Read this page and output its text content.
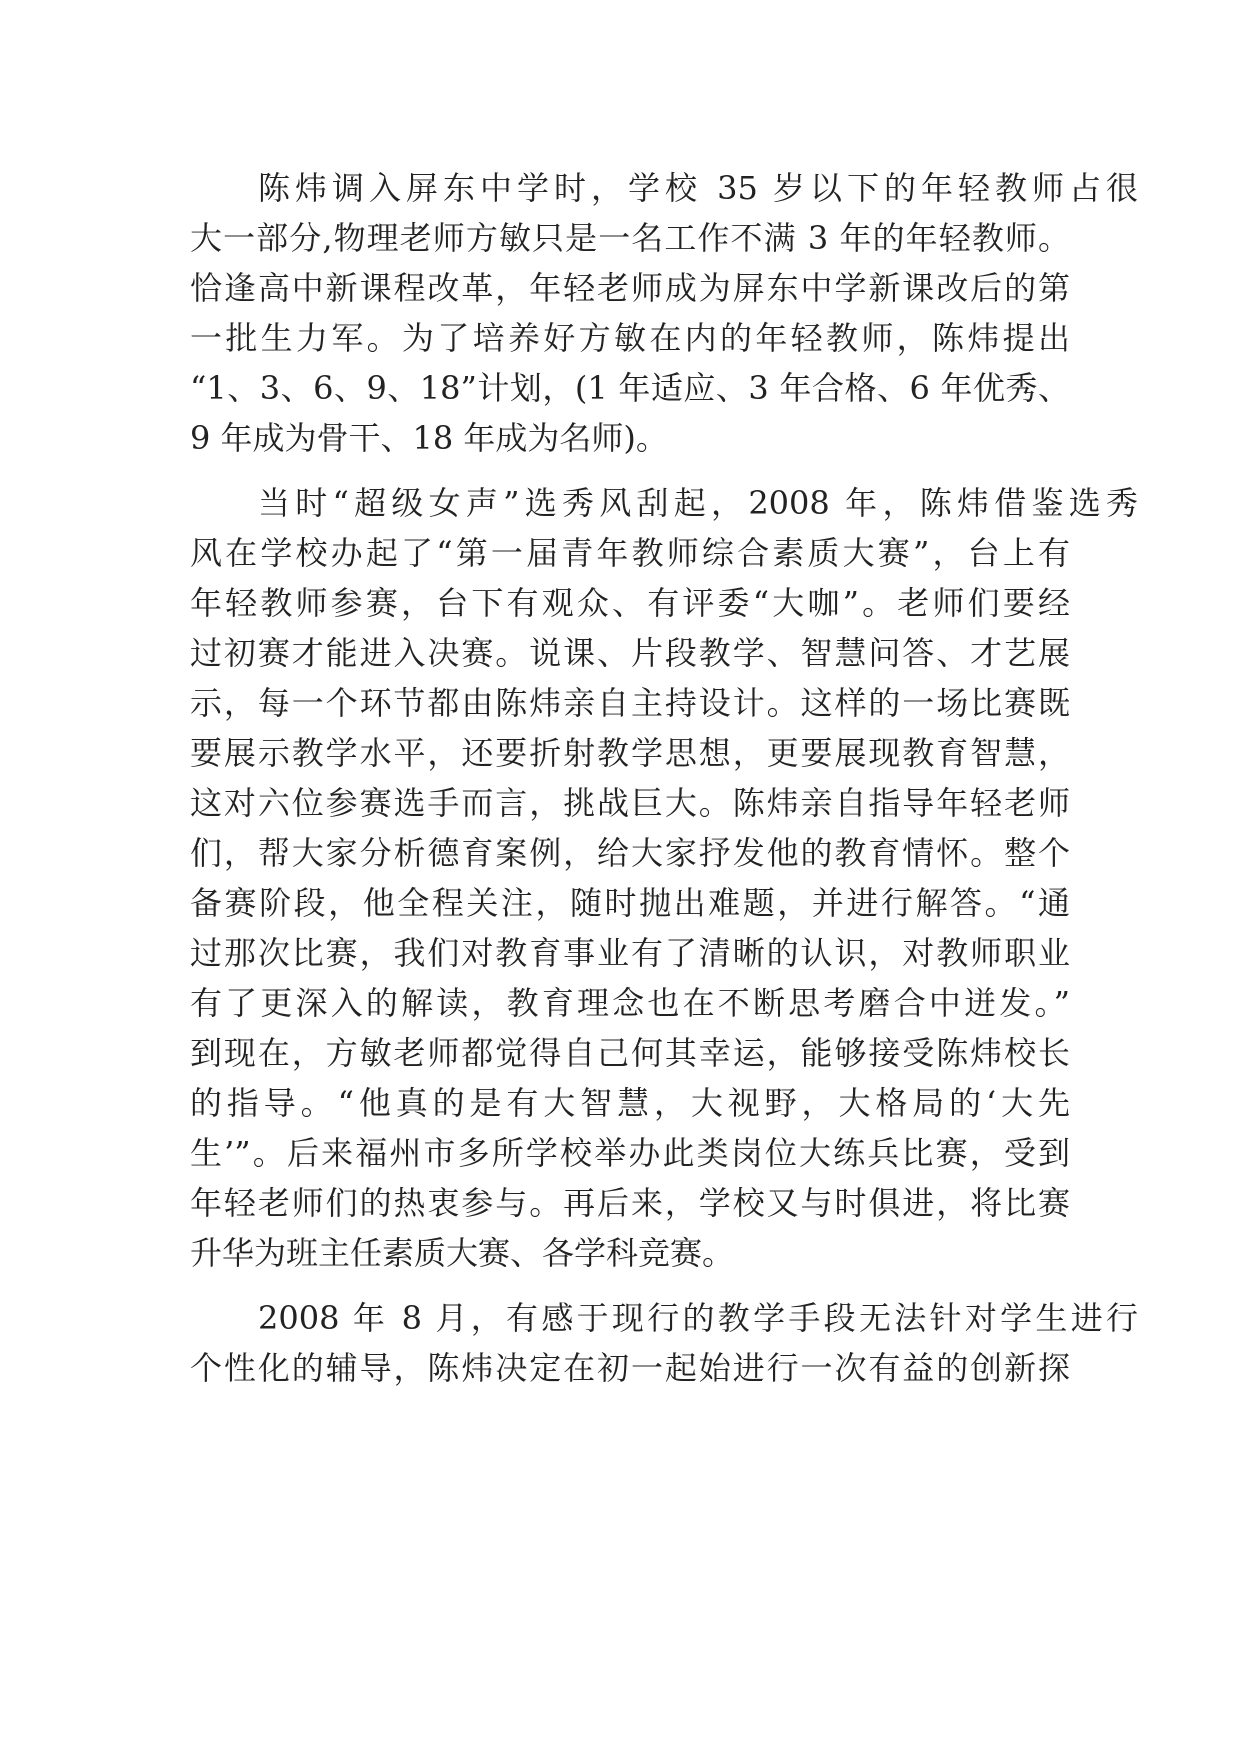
陈炜调入屏东中学时，学校 35 岁以下的年轻教师占很

大一部分,物理老师方敏只是一名工作不满 3 年的年轻教师。

恰逢高中新课程改革，年轻老师成为屏东中学新课改后的第

一批生力军。为了培养好方敏在内的年轻教师，陈炜提出

“1、3、6、9、18”计划，(1 年适应、3 年合格、6 年优秀、

9 年成为骨干、18 年成为名师)。

当时“超级女声”选秀风刮起，2008 年，陈炜借鉴选秀

风在学校办起了“第一届青年教师综合素质大赛”，台上有

年轻教师参赛，台下有观众、有评委“大咖”。老师们要经

过初赛才能进入决赛。说课、片段教学、智慧问答、才艺展

示，每一个环节都由陈炜亲自主持设计。这样的一场比赛既

要展示教学水平，还要折射教学思想，更要展现教育智慧，

这对六位参赛选手而言，挑战巨大。陈炜亲自指导年轻老师

们，帮大家分析德育案例，给大家抒发他的教育情怀。整个

备赛阶段，他全程关注，随时抛出难题，并进行解答。“通

过那次比赛，我们对教育事业有了清晰的认识，对教师职业

有了更深入的解读，教育理念也在不断思考磨合中迸发。”

到现在，方敏老师都觉得自己何其幸运，能够接受陈炜校长

的指导。“他真的是有大智慧，大视野，大格局的‘大先

生’”。后来福州市多所学校举办此类岗位大练兵比赛，受到

年轻老师们的热衷参与。再后来，学校又与时俱进，将比赛

升华为班主任素质大赛、各学科竞赛。

2008 年 8 月，有感于现行的教学手段无法针对学生进行

个性化的辅导，陈炜决定在初一起始进行一次有益的创新探
